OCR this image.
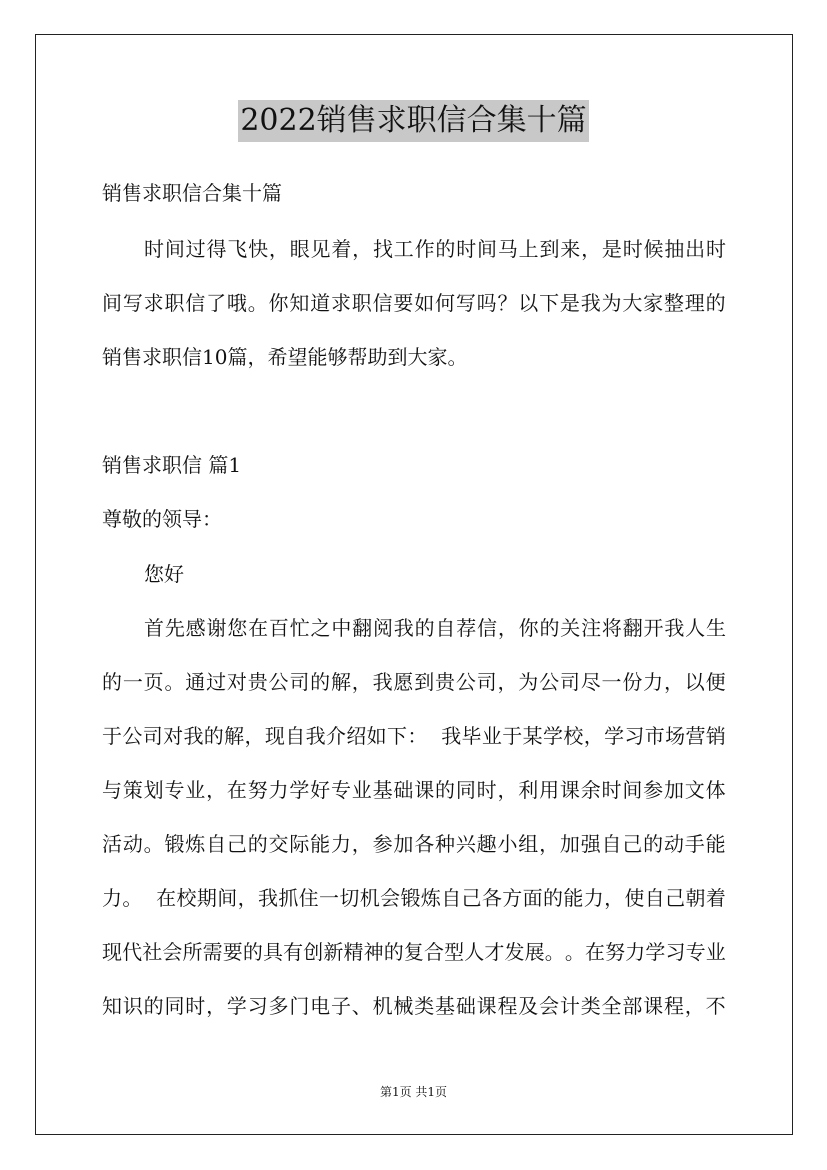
2022销售求职信合集十篇
销售求职信合集十篇
时 间 过 得 飞 快 ， 眼 见 着 ， 找 工 作 的 时 间 马 上 到 来 ， 是 时 候 抽 出 时
间 写 求 职 信 了 哦 。 你 知 道 求 职 信 要 如 何 写 吗 ？ 以 下 是 我 为 大 家 整 理 的
销售求职信10篇，希望能够帮助到大家。
销售求职信 篇1
尊敬的领导：
您好
首 先 感 谢 您 在 百 忙 之 中 翻 阅 我 的 自 荐 信 ， 你 的 关 注 将 翻 开 我 人 生
的 一 页 。 通 过 对 贵 公 司 的 解 ， 我 愿 到 贵 公 司 ， 为 公 司 尽 一 份 力 ， 以 便
于 公 司 对 我 的 解 ， 现 自 我 介 绍 如 下 ：

我 毕 业 于 某 学 校 ， 学 习 市 场 营 销
与 策 划 专 业 ， 在 努 力 学 好 专 业 基 础 课 的 同 时 ， 利 用 课 余 时 间 参 加 文 体
活 动 。 锻 炼 自 己 的 交 际 能 力 ， 参 加 各 种 兴 趣 小 组 ， 加 强 自 己 的 动 手 能
力 。

在 校 期 间 ， 我 抓 住 一 切 机 会 锻 炼 自 己 各 方 面 的 能 力 ， 使 自 己 朝 着
现 代 社 会 所 需 要 的 具 有 创 新 精 神 的 复 合 型 人 才 发 展 。 。 在 努 力 学 习 专 业
知 识 的 同 时 ， 学 习 多 门 电 子 、 机 械 类 基 础 课 程 及 会 计 类 全 部 课 程 ， 不
第1页 共1页
